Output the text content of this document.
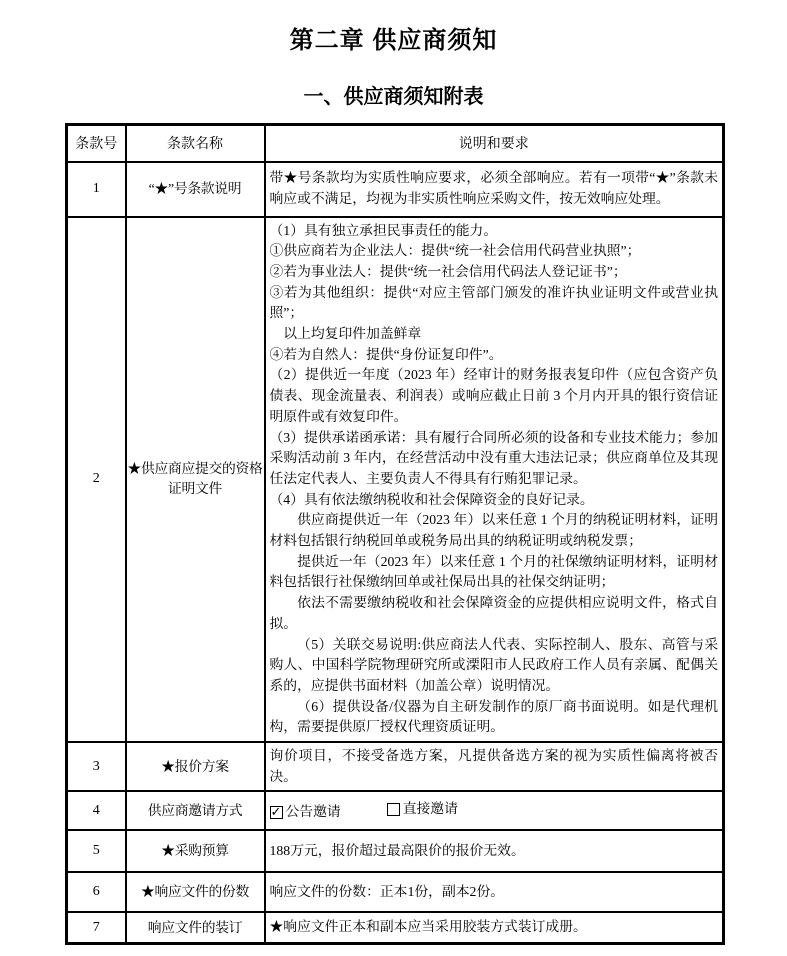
第二章 供应商须知
一、供应商须知附表
条款号	条款名称	说明和要求
1	“★”号条款说明	带★号条款均为实质性响应要求，必须全部响应。若有一项带“★”条款未响应或不满足，均视为非实质性响应采购文件，按无效响应处理。

2	★供应商应提交的资格证明文件	
（1）具有独立承担民事责任的能力。
①供应商若为企业法人：提供“统一社会信用代码营业执照”；
②若为事业法人：提供“统一社会信用代码法人登记证书”；
③若为其他组织：提供“对应主管部门颁发的准许执业证明文件或营业执照”；
以上均复印件加盖鲜章
④若为自然人：提供“身份证复印件”。
（2）提供近一年度（2023 年）经审计的财务报表复印件（应包含资产负债表、现金流量表、利润表）或响应截止日前 3 个月内开具的银行资信证明原件或有效复印件。
（3）提供承诺函承诺：具有履行合同所必须的设备和专业技术能力；参加采购活动前 3 年内，在经营活动中没有重大违法记录；供应商单位及其现任法定代表人、主要负责人不得具有行贿犯罪记录。
（4）具有依法缴纳税收和社会保障资金的良好记录。
供应商提供近一年（2023 年）以来任意 1 个月的纳税证明材料，证明材料包括银行纳税回单或税务局出具的纳税证明或纳税发票；
提供近一年（2023 年）以来任意 1 个月的社保缴纳证明材料，证明材料包括银行社保缴纳回单或社保局出具的社保交纳证明；
依法不需要缴纳税收和社会保障资金的应提供相应说明文件，格式自拟。
（5）关联交易说明:供应商法人代表、实际控制人、股东、高管与采购人、中国科学院物理研究所或溧阳市人民政府工作人员有亲属、配偶关系的，应提供书面材料（加盖公章）说明情况。
（6）提供设备/仪器为自主研发制作的原厂商书面说明。如是代理机构，需要提供原厂授权代理资质证明。

3	★报价方案	询价项目，不接受备选方案，凡提供备选方案的视为实质性偏离将被否决。

4	供应商邀请方式	✓ 公告邀请 直接邀请

5	★采购预算	188万元，报价超过最高限价的报价无效。

6	★响应文件的份数	响应文件的份数：正本1份，副本2份。

7	响应文件的装订	★响应文件正本和副本应当采用胶装方式装订成册。
